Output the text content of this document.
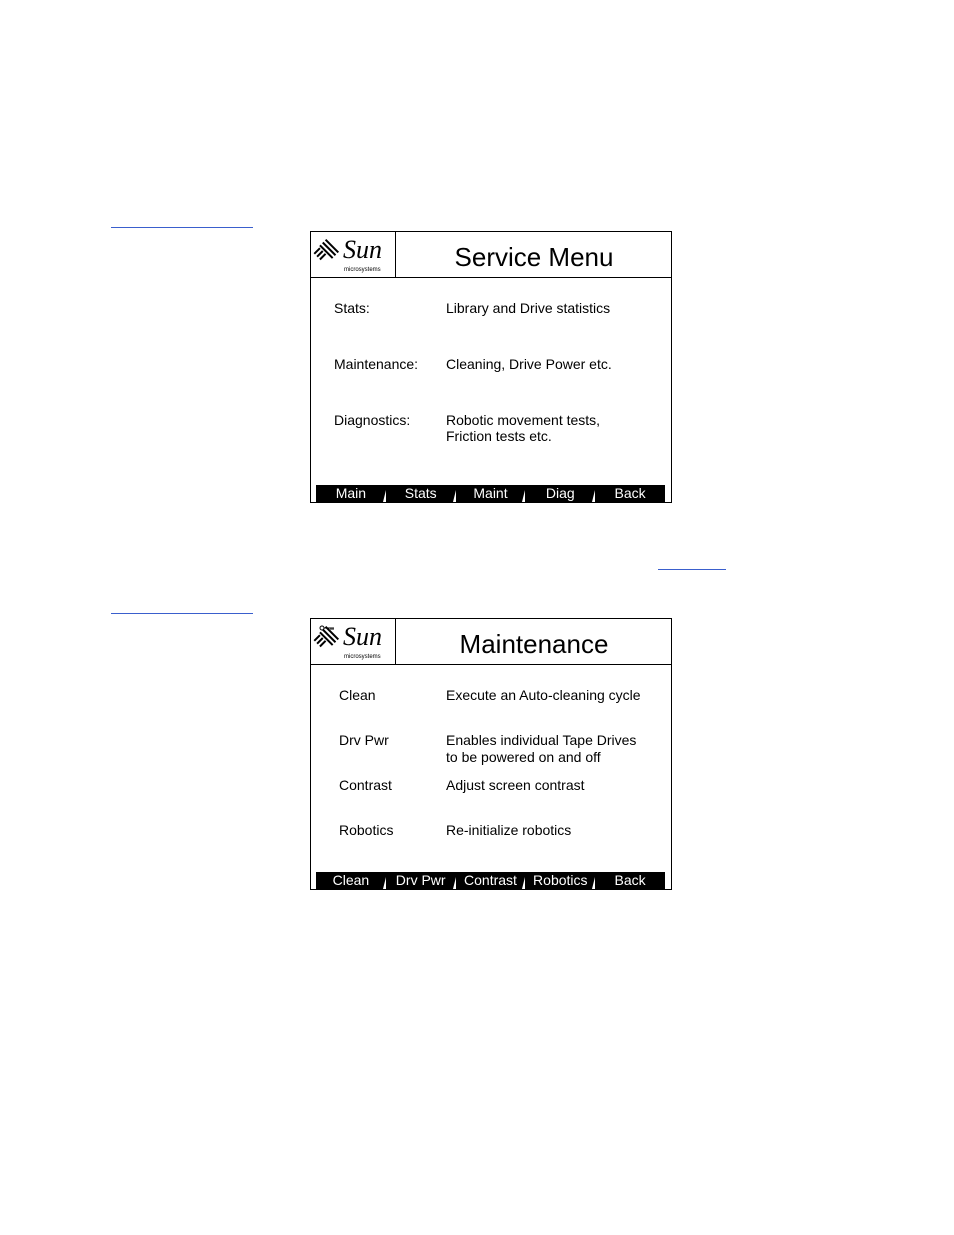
Sun
microsystems	Service Menu
Stats:	Library and Drive statistics
Maintenance: Cleaning, Drive Power etc.
Diagnostics:	Robotic movement tests,
Friction tests etc.
Main	Stats	Maint	Diag	Back
Sun
microsystems	Maintenance
Clean	Execute an Auto-cleaning cycle
Drv Pwr	Enables individual Tape Drives
to be powered on and off
Contrast	Adjust screen contrast
Robotics	Re-initialize robotics
Clean	Drv Pwr	Contrast	Robotics	Back
